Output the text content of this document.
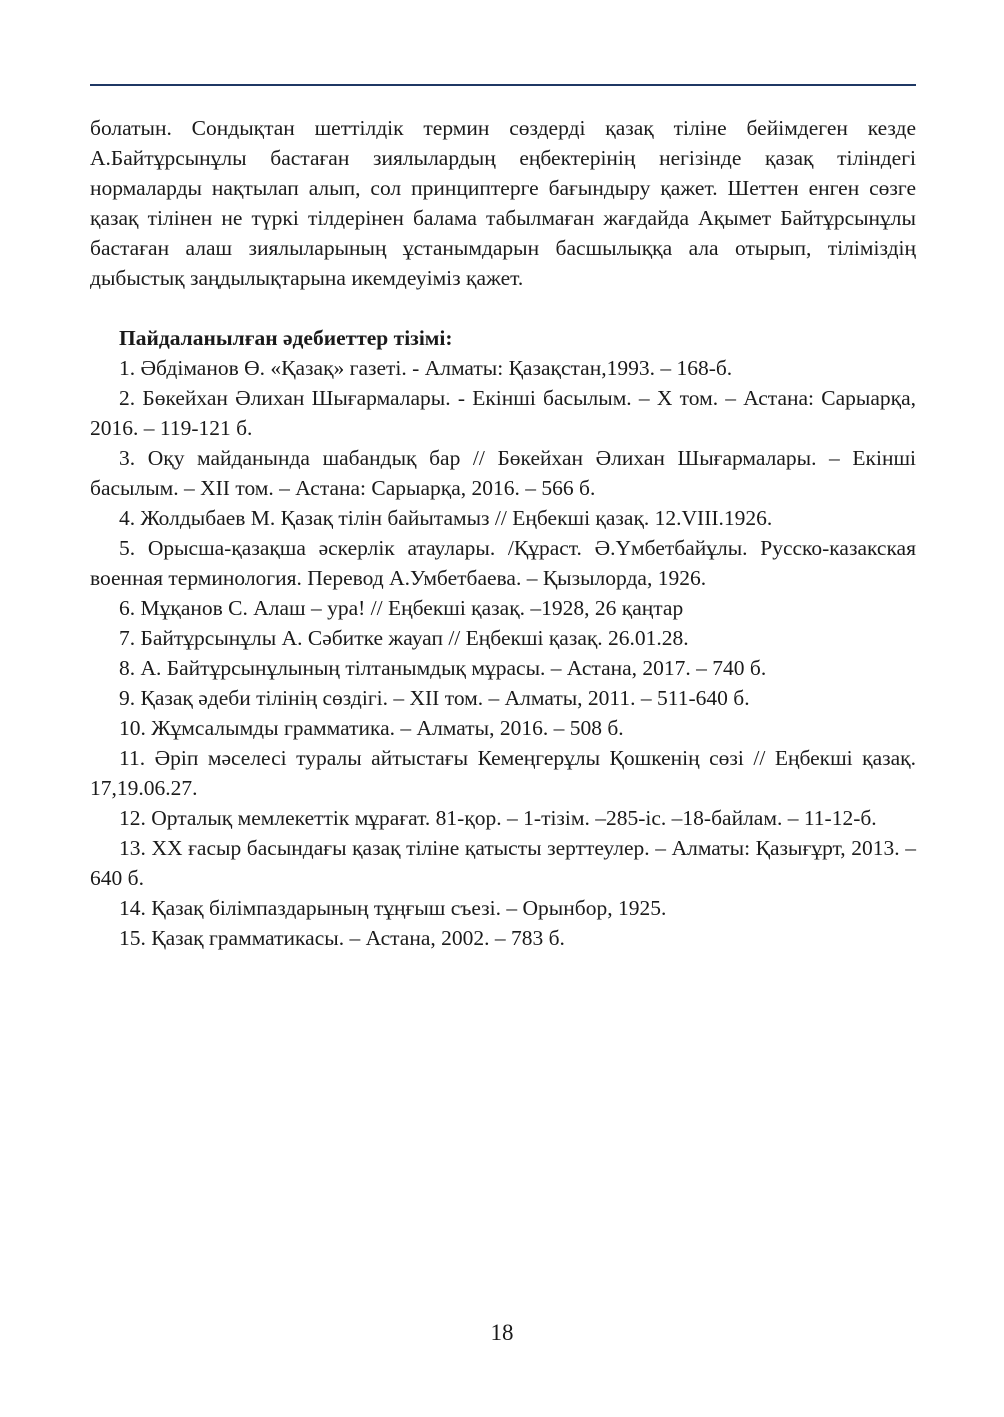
болатын. Сондықтан шеттілдік термин сөздерді қазақ тіліне бейімдеген кезде А.Байтұрсынұлы бастаған зиялылардың еңбектерінің негізінде қазақ тіліндегі нормаларды нақтылап алып, сол принциптерге бағындыру қажет. Шеттен енген сөзге қазақ тілінен не түркі тілдерінен балама табылмаған жағдайда Ақымет Байтұрсынұлы бастаған алаш зиялыларының ұстанымдарын басшылыққа ала отырып, тіліміздің дыбыстық заңдылықтарына икемдеуіміз қажет.

Пайдаланылған әдебиеттер тізімі:

1. Әбдіманов Ө. «Қазақ» газеті. - Алматы: Қазақстан,1993. – 168-б.

2. Бөкейхан Әлихан Шығармалары. - Екінші басылым. – Х том. – Астана: Сарыарқа, 2016. – 119-121 б.

3. Оқу майданында шабандық бар // Бөкейхан Әлихан Шығармалары. – Екінші басылым. – ХІІ том. – Астана: Сарыарқа, 2016. – 566 б.

4. Жолдыбаев М. Қазақ тілін байытамыз // Еңбекші қазақ. 12.VIII.1926.

5. Орысша-қазақша әскерлік атаулары. /Құраст. Ә.Үмбетбайұлы. Русско-казакская военная терминология. Перевод А.Умбетбаева. – Қызылорда, 1926.

6. Мұқанов С. Алаш – ура! // Еңбекші қазақ. –1928, 26 қаңтар

7. Байтұрсынұлы А. Сәбитке жауап // Еңбекші қазақ. 26.01.28.

8. А. Байтұрсынұлының тілтанымдық мұрасы. – Астана, 2017. – 740 б.

9. Қазақ әдеби тілінің сөздігі. – ХІІ том. – Алматы, 2011. – 511-640 б.

10. Жұмсалымды грамматика. – Алматы, 2016. – 508 б.

11. Әріп мәселесі туралы айтыстағы Кемеңгерұлы Қошкенің сөзі // Еңбекші қазақ. 17,19.06.27.

12. Орталық мемлекеттік мұрағат. 81-қор. – 1-тізім. –285-іс. –18-байлам. – 11-12-б.

13. ХХ ғасыр басындағы қазақ тіліне қатысты зерттеулер. – Алматы: Қазығұрт, 2013. – 640 б.

14. Қазақ білімпаздарының тұңғыш съезі. – Орынбор, 1925.

15. Қазақ грамматикасы. – Астана, 2002. – 783 б.

18
